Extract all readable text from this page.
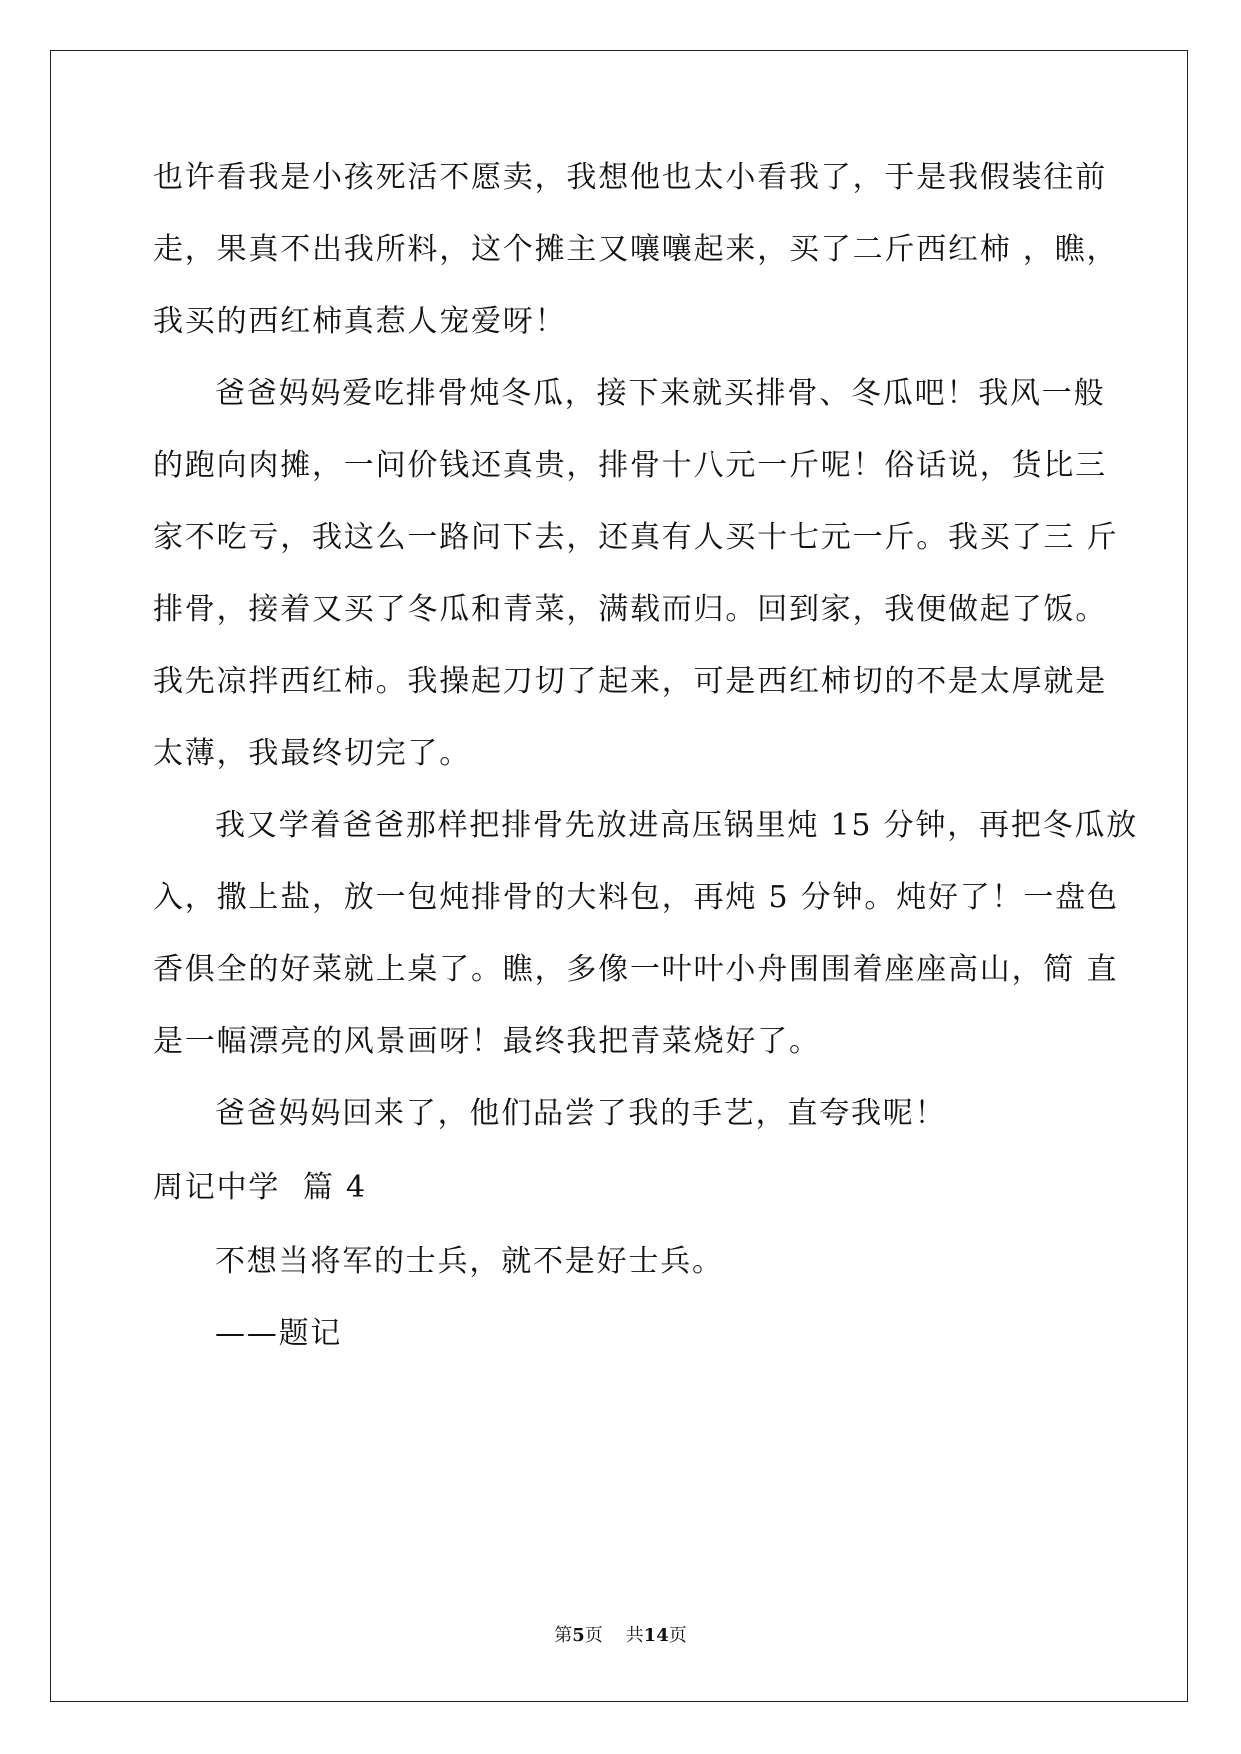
也许看我是小孩死活不愿卖，我想他也太小看我了，于是我假装往前
走，果真不出我所料，这个摊主又嚷嚷起来，买了二斤西红柿 ，瞧，
我买的西红柿真惹人宠爱呀！
爸爸妈妈爱吃排骨炖冬瓜，接下来就买排骨、冬瓜吧！我风一般
的跑向肉摊，一问价钱还真贵，排骨十八元一斤呢！俗话说，货比三
家不吃亏，我这么一路问下去，还真有人买十七元一斤。我买了三 斤
排骨，接着又买了冬瓜和青菜，满载而归。回到家，我便做起了饭。
我先凉拌西红柿。我操起刀切了起来，可是西红柿切的不是太厚就是
太薄，我最终切完了。
我又学着爸爸那样把排骨先放进高压锅里炖 15 分钟，再把冬瓜放
入，撒上盐，放一包炖排骨的大料包，再炖 5 分钟。炖好了！一盘色
香俱全的好菜就上桌了。瞧，多像一叶叶小舟围围着座座高山，简 直
是一幅漂亮的风景画呀！最终我把青菜烧好了。
爸爸妈妈回来了，他们品尝了我的手艺，直夸我呢！
周记中学  篇 4
不想当将军的士兵，就不是好士兵。
——题记
第5页 共14页
